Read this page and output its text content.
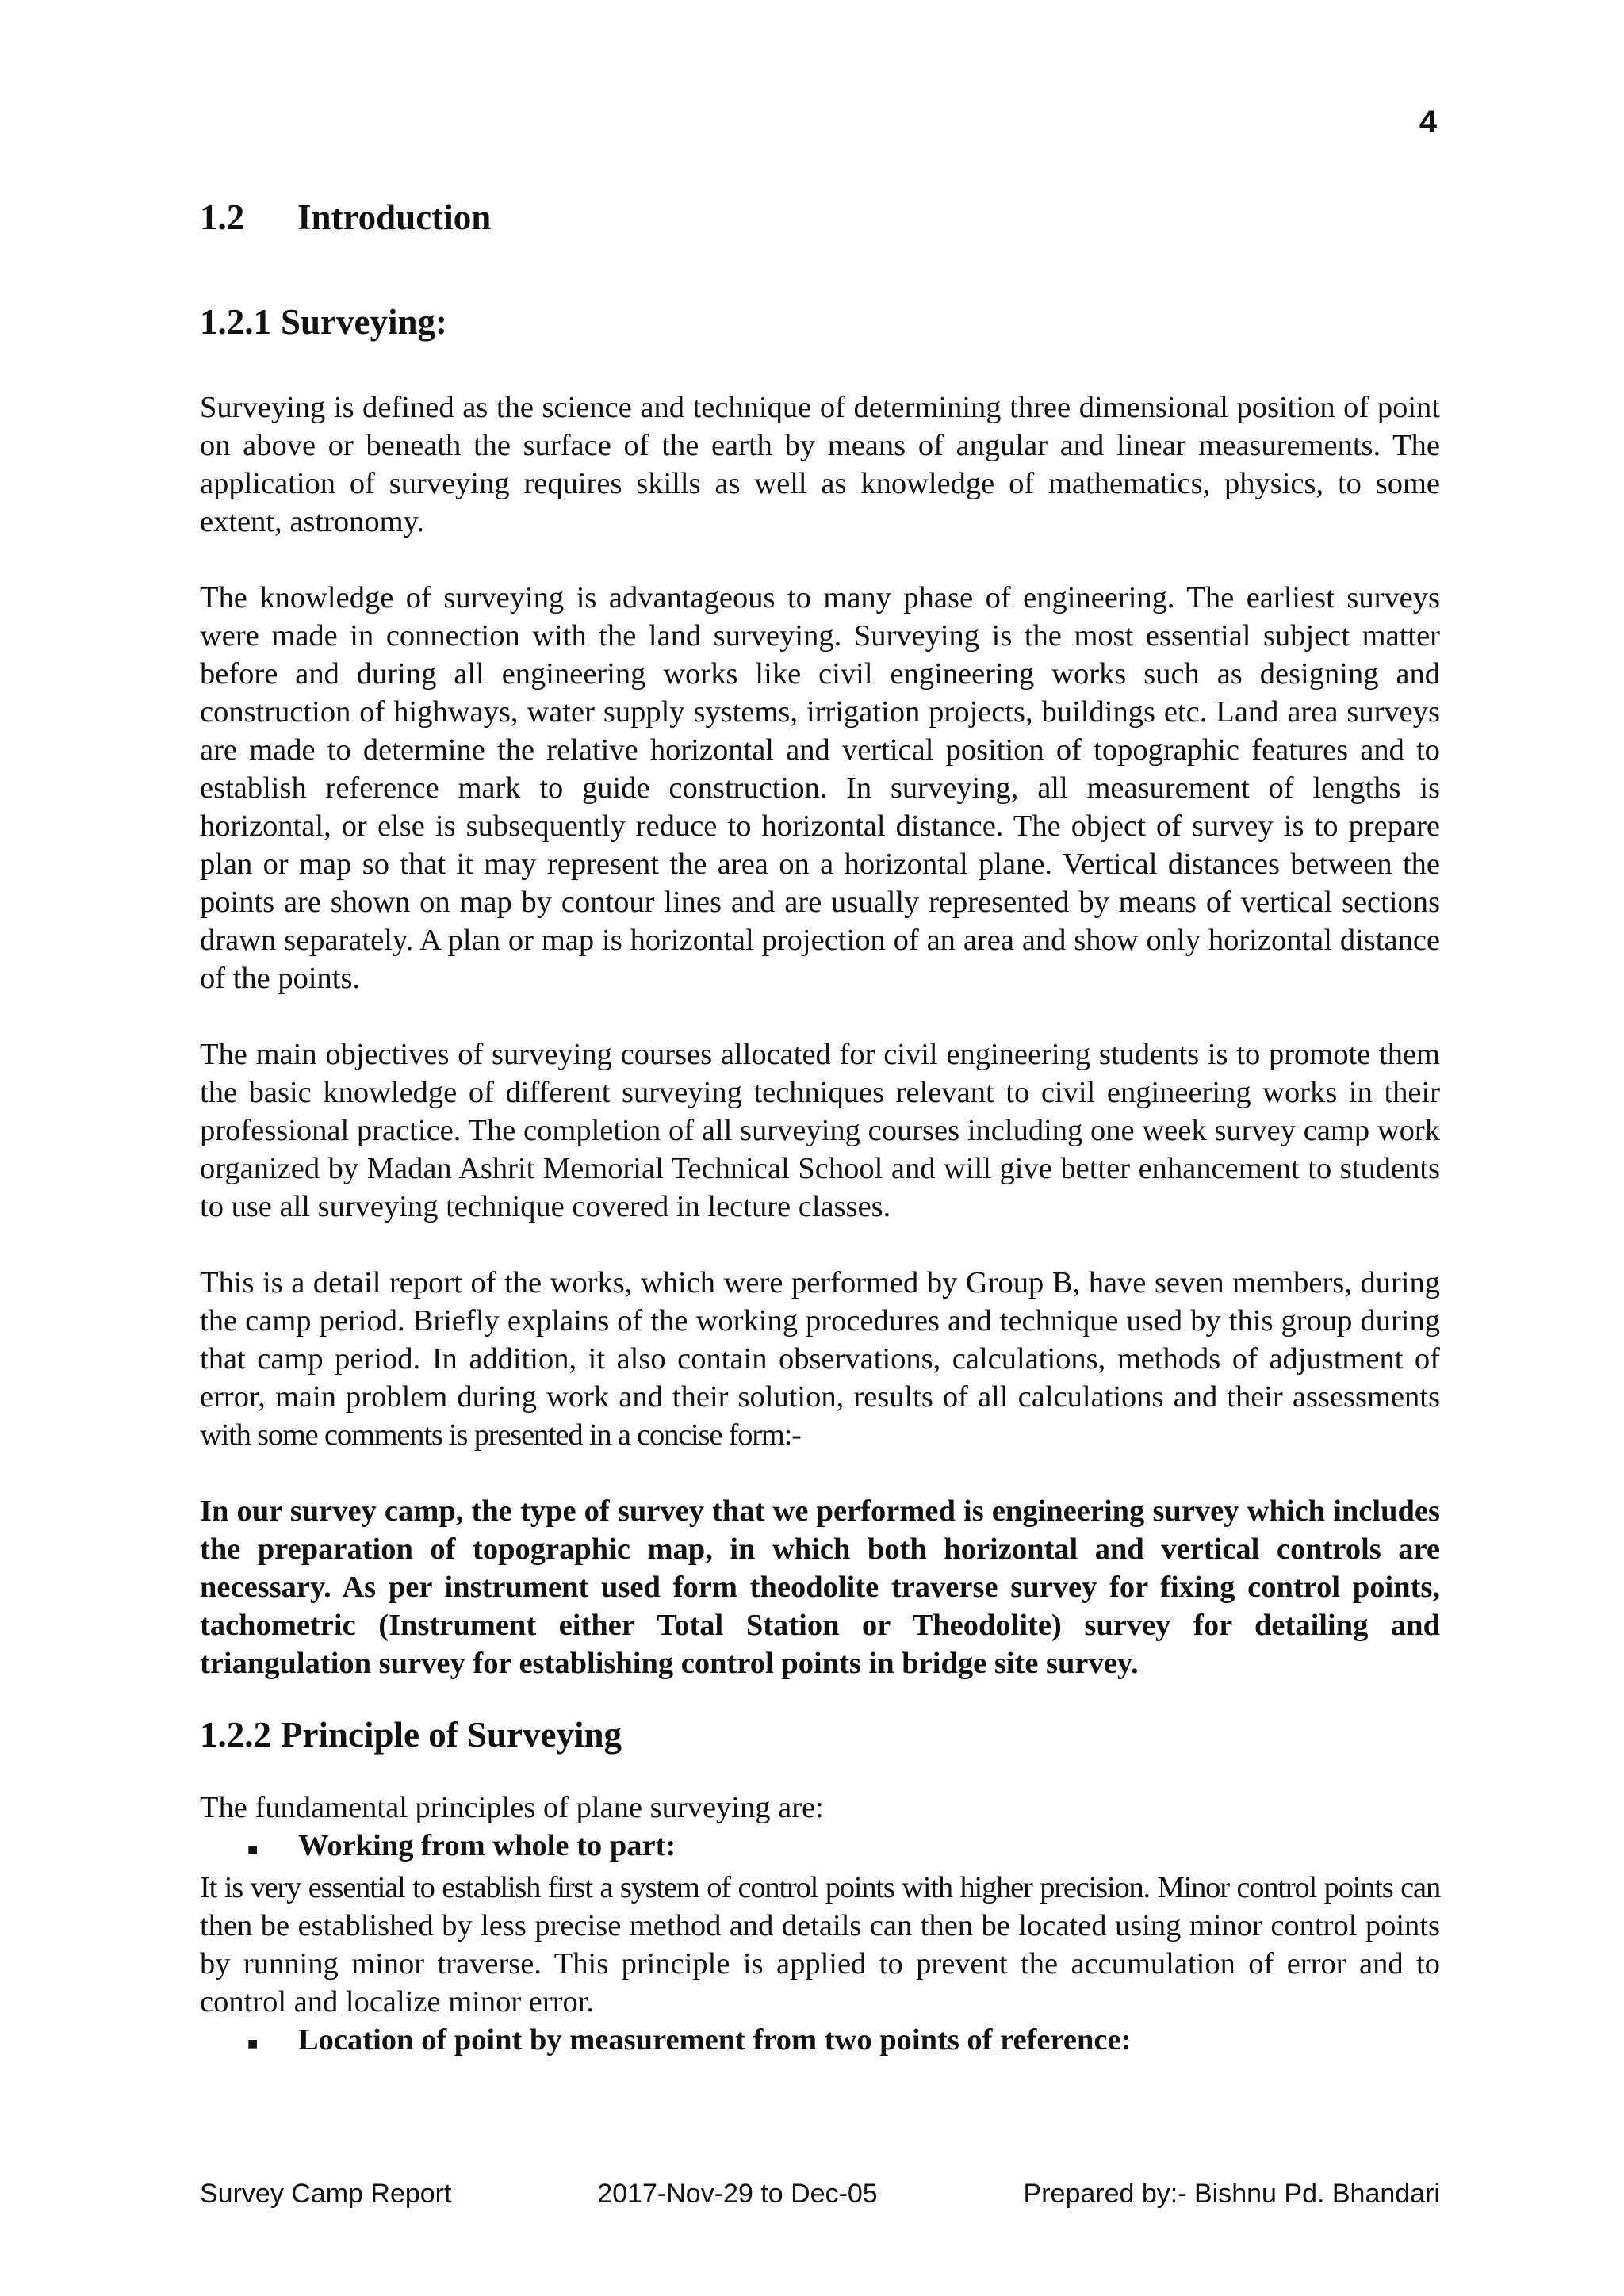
4
1.2	Introduction
1.2.1 Surveying:

Surveying is defined as the science and technique of determining three dimensional position of point on above or beneath the surface of the earth by means of angular and linear measurements. The application of surveying requires skills as well as knowledge of mathematics, physics, to some extent, astronomy.

The knowledge of surveying is advantageous to many phase of engineering. The earliest surveys were made in connection with the land surveying. Surveying is the most essential subject matter before and during all engineering works like civil engineering works such as designing and construction of highways, water supply systems, irrigation projects, buildings etc. Land area surveys are made to determine the relative horizontal and vertical position of topographic features and to establish reference mark to guide construction. In surveying, all measurement of lengths is horizontal, or else is subsequently reduce to horizontal distance. The object of survey is to prepare plan or map so that it may represent the area on a horizontal plane. Vertical distances between the points are shown on map by contour lines and are usually represented by means of vertical sections drawn separately. A plan or map is horizontal projection of an area and show only horizontal distance of the points.

The main objectives of surveying courses allocated for civil engineering students is to promote them the basic knowledge of different surveying techniques relevant to civil engineering works in their professional practice. The completion of all surveying courses including one week survey camp work organized by Madan Ashrit Memorial Technical School and will give better enhancement to students to use all surveying technique covered in lecture classes.

This is a detail report of the works, which were performed by Group B, have seven members, during the camp period. Briefly explains of the working procedures and technique used by this group during that camp period. In addition, it also contain observations, calculations, methods of adjustment of error, main problem during work and their solution, results of all calculations and their assessments with some comments is presented in a concise form:-

In our survey camp, the type of survey that we performed is engineering survey which includes the preparation of topographic map, in which both horizontal and vertical controls are necessary. As per instrument used form theodolite traverse survey for fixing control points, tachometric (Instrument either Total Station or Theodolite) survey for detailing and triangulation survey for establishing control points in bridge site survey.

1.2.2 Principle of Surveying

The fundamental principles of plane surveying are:

■	Working from whole to part:

It is very essential to establish first a system of control points with higher precision. Minor control points can then be established by less precise method and details can then be located using minor control points by running minor traverse. This principle is applied to prevent the accumulation of error and to control and localize minor error.

■	Location of point by measurement from two points of reference:
Survey Camp Report	2017-Nov-29 to Dec-05	Prepared by:- Bishnu Pd. Bhandari
